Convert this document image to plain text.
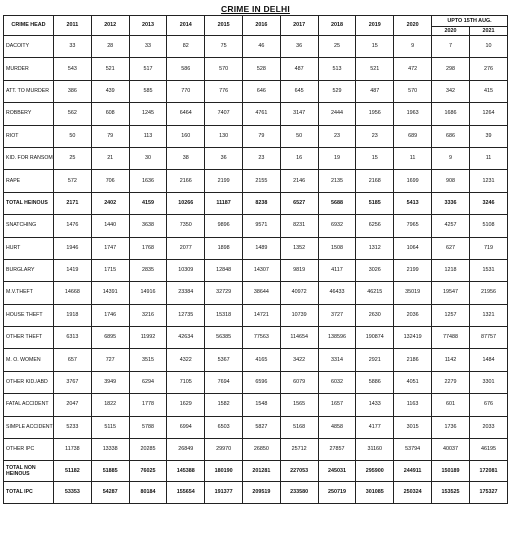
CRIME IN DELHI
CRIME HEAD	2011	2012	2013	2014	2015	2016	2017	2018	2019	2020	UPTO 15TH AUG.	
											2020	2021
DACOITY	33	28	33	82	75	46	36	25	15	9	7	10
MURDER	543	521	517	586	570	528	487	513	521	472	298	276
ATT. TO MURDER	386	439	585	770	776	646	645	529	487	570	342	415
ROBBERY	562	608	1245	6464	7407	4761	3147	2444	1956	1963	1686	1264
RIOT	50	79	113	160	130	79	50	23	23	689	686	39
KID. FOR RANSOM	25	21	30	38	36	23	16	19	15	11	9	11
RAPE	572	706	1636	2166	2199	2155	2146	2135	2168	1699	908	1231
TOTAL HEINOUS	2171	2402	4159	10266	11187	8238	6527	5688	5185	5413	3336	3246
SNATCHING	1476	1440	3638	7350	9896	9571	8231	6932	6256	7965	4257	5108
HURT	1946	1747	1768	2077	1898	1489	1352	1508	1312	1064	627	719
BURGLARY	1419	1715	2835	10309	12848	14307	9819	4117	3026	2199	1218	1531
M.V.THEFT	14668	14391	14916	23384	32729	38644	40972	46433	46215	35019	19547	21956
HOUSE THEFT	1918	1746	3216	12735	15318	14721	10739	3727	2630	2036	1257	1321
OTHER THEFT	6313	6895	11992	42634	56385	77563	114654	138596	190874	132419	77488	87757
M. O. WOMEN	657	727	3515	4322	5367	4165	3422	3314	2921	2186	1142	1484
OTHER KID./ABD	3767	3949	6294	7105	7694	6596	6079	6032	5886	4051	2279	3301
FATAL ACCIDENT	2047	1822	1778	1629	1582	1548	1565	1657	1433	1163	601	676
SIMPLE ACCIDENT	5233	5115	5788	6994	6503	5827	5168	4858	4177	3015	1736	2033
OTHER IPC	11738	13338	20285	26849	29970	26850	25712	27857	31160	53794	40037	46195
TOTAL NON HEINOUS	51182	51885	76025	145388	180190	201281	227053	245031	295900	244911	150189	172081
TOTAL IPC	53353	54287	80184	155654	191377	209519	233580	250719	301085	250324	153525	175327
